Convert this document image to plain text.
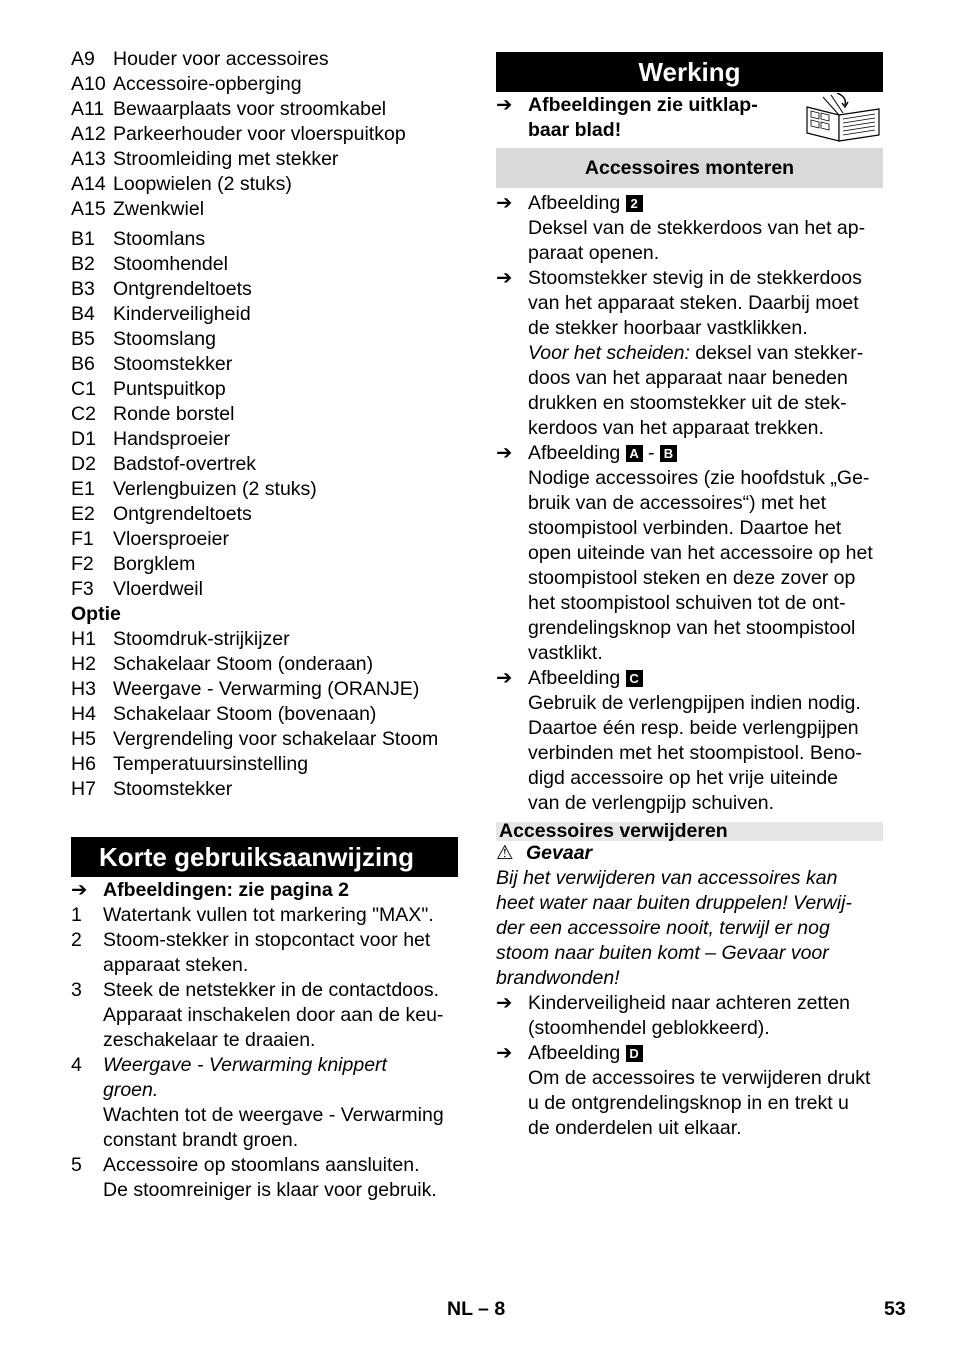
A9 Houder voor accessoires
A10 Accessoire-opberging
A11 Bewaarplaats voor stroomkabel
A12 Parkeerhouder voor vloerspuitkop
A13 Stroomleiding met stekker
A14 Loopwielen (2 stuks)
A15 Zwenkwiel
B1 Stoomlans
B2 Stoomhendel
B3 Ontgrendeltoets
B4 Kinderveiligheid
B5 Stoomslang
B6 Stoomstekker
C1 Puntspuitkop
C2 Ronde borstel
D1 Handsproeier
D2 Badstof-overtrek
E1 Verlengbuizen (2 stuks)
E2 Ontgrendeltoets
F1 Vloersproeier
F2 Borgklem
F3 Vloerdweil
Optie
H1 Stoomdruk-strijkijzer
H2 Schakelaar Stoom (onderaan)
H3 Weergave - Verwarming (ORANJE)
H4 Schakelaar Stoom (bovenaan)
H5 Vergrendeling voor schakelaar Stoom
H6 Temperatuursinstelling
H7 Stoomstekker
Korte gebruiksaanwijzing
➔ Afbeeldingen: zie pagina 2
1	Watertank vullen tot markering "MAX".
2	Stoom-stekker in stopcontact voor het
apparaat steken.
3	Steek de netstekker in de contactdoos.
Apparaat inschakelen door aan de keu-
zeschakelaar te draaien.
4	Weergave - Verwarming knippert
groen.
Wachten tot de weergave - Verwarming
constant brandt groen.
5	Accessoire op stoomlans aansluiten.
De stoomreiniger is klaar voor gebruik.
Werking
➔ Afbeeldingen zie uitklap-
baar blad!
Accessoires monteren
➔ Afbeelding 2
Deksel van de stekkerdoos van het ap-
paraat openen.
➔ Stoomstekker stevig in de stekkerdoos
van het apparaat steken. Daarbij moet
de stekker hoorbaar vastklikken.
Voor het scheiden: deksel van stekker-
doos van het apparaat naar beneden
drukken en stoomstekker uit de stek-
kerdoos van het apparaat trekken.
➔ Afbeelding A - B
Nodige accessoires (zie hoofdstuk „Ge-
bruik van de accessoires“) met het
stoompistool verbinden. Daartoe het
open uiteinde van het accessoire op het
stoompistool steken en deze zover op
het stoompistool schuiven tot de ont-
grendelingsknop van het stoompistool
vastklikt.
➔ Afbeelding C
Gebruik de verlengpijpen indien nodig.
Daartoe één resp. beide verlengpijpen
verbinden met het stoompistool. Beno-
digd accessoire op het vrije uiteinde
van de verlengpijp schuiven.
Accessoires verwijderen
⚠ Gevaar
Bij het verwijderen van accessoires kan
heet water naar buiten druppelen! Verwij-
der een accessoire nooit, terwijl er nog
stoom naar buiten komt – Gevaar voor
brandwonden!
➔ Kinderveiligheid naar achteren zetten
(stoomhendel geblokkeerd).
➔ Afbeelding D
Om de accessoires te verwijderen drukt
u de ontgrendelingsknop in en trekt u
de onderdelen uit elkaar.
NL – 8	53
